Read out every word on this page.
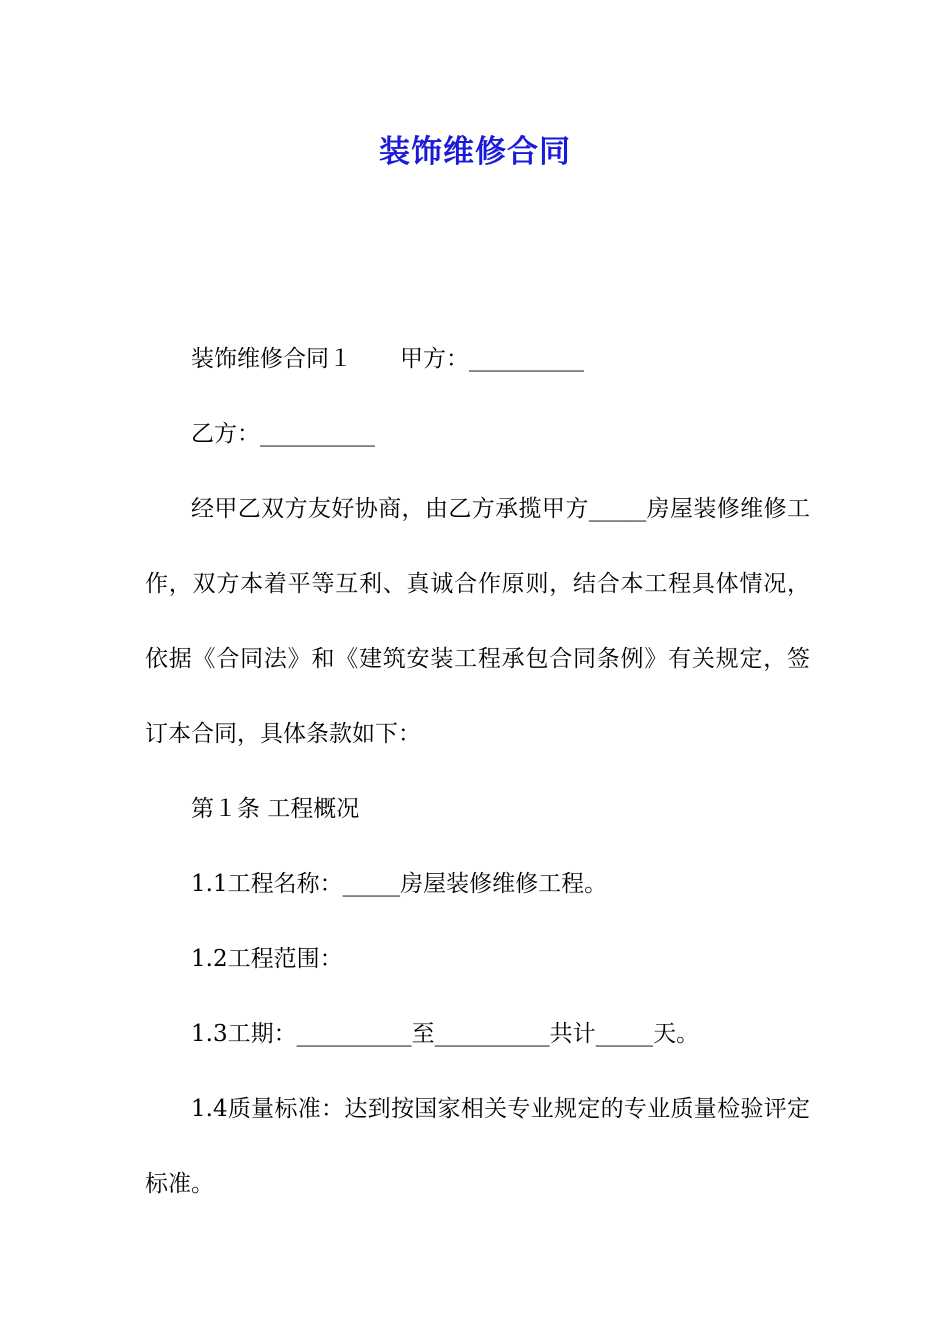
装饰维修合同

装饰维修合同１ 甲方：__________

乙方：__________

经甲乙双方友好协商，由乙方承揽甲方_____房屋装修维修工作，双方本着平等互利、真诚合作原则，结合本工程具体情况，依据《合同法》和《建筑安装工程承包合同条例》有关规定，签订本合同，具体条款如下：

第１条 工程概况

1.1工程名称：_____房屋装修维修工程。

1.2工程范围：

1.3工期：__________至__________共计_____天。

1.4质量标准：达到按国家相关专业规定的专业质量检验评定标准。
